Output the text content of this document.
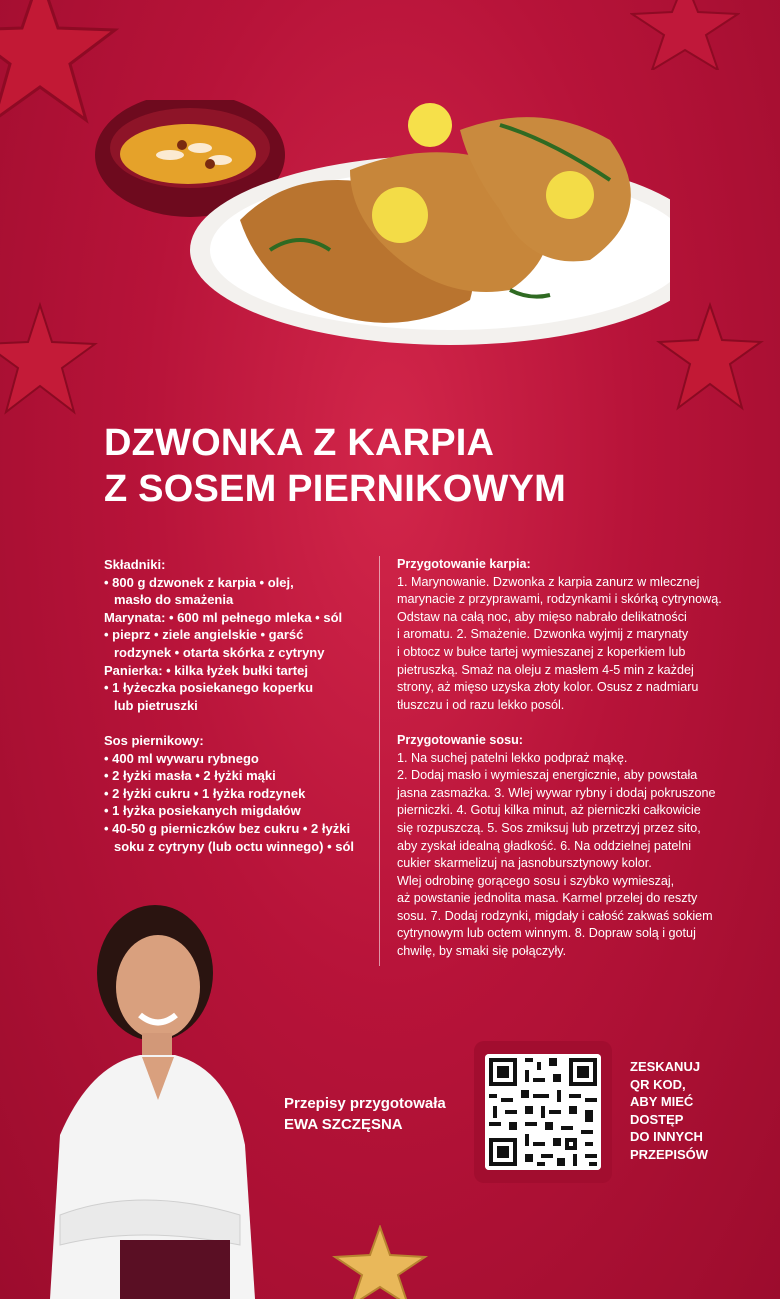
DZWONKA Z KARPIA
Z SOSEM PIERNIKOWYM
Składniki:
• 800 g dzwonek z karpia • olej,
masło do smażenia
Marynata: • 600 ml pełnego mleka • sól
• pieprz • ziele angielskie • garść
rodzynek • otarta skórka z cytryny
Panierka: • kilka łyżek bułki tartej
• 1 łyżeczka posiekanego koperku
lub pietruszki
Sos piernikowy:
• 400 ml wywaru rybnego
• 2 łyżki masła • 2 łyżki mąki
• 2 łyżki cukru • 1 łyżka rodzynek
• 1 łyżka posiekanych migdałów
• 40-50 g pierniczków bez cukru • 2 łyżki
soku z cytryny (lub octu winnego) • sól
Przygotowanie karpia:
1. Marynowanie. Dzwonka z karpia zanurz w mlecznej
marynacie z przyprawami, rodzynkami i skórką cytrynową.
Odstaw na całą noc, aby mięso nabrało delikatności
i aromatu. 2. Smażenie. Dzwonka wyjmij z marynaty
i obtocz w bułce tartej wymieszanej z koperkiem lub
pietruszką. Smaż na oleju z masłem 4-5 min z każdej
strony, aż mięso uzyska złoty kolor. Osusz z nadmiaru
tłuszczu i od razu lekko posól.
Przygotowanie sosu:
1. Na suchej patelni lekko podpraż mąkę.
2. Dodaj masło i wymieszaj energicznie, aby powstała
jasna zasmażka. 3. Wlej wywar rybny i dodaj pokruszone
pierniczki. 4. Gotuj kilka minut, aż pierniczki całkowicie
się rozpuszczą. 5. Sos zmiksuj lub przetrzyj przez sito,
aby zyskał idealną gładkość. 6. Na oddzielnej patelni
cukier skarmelizuj na jasnobursztynowy kolor.
Wlej odrobinę gorącego sosu i szybko wymieszaj,
aż powstanie jednolita masa. Karmel przelej do reszty
sosu. 7. Dodaj rodzynki, migdały i całość zakwaś sokiem
cytrynowym lub octem winnym. 8. Dopraw solą i gotuj
chwilę, by smaki się połączyły.
Przepisy przygotowała
EWA SZCZĘSNA
ZESKANUJ
QR KOD,
ABY MIEĆ
DOSTĘP
DO INNYCH
PRZEPISÓW
